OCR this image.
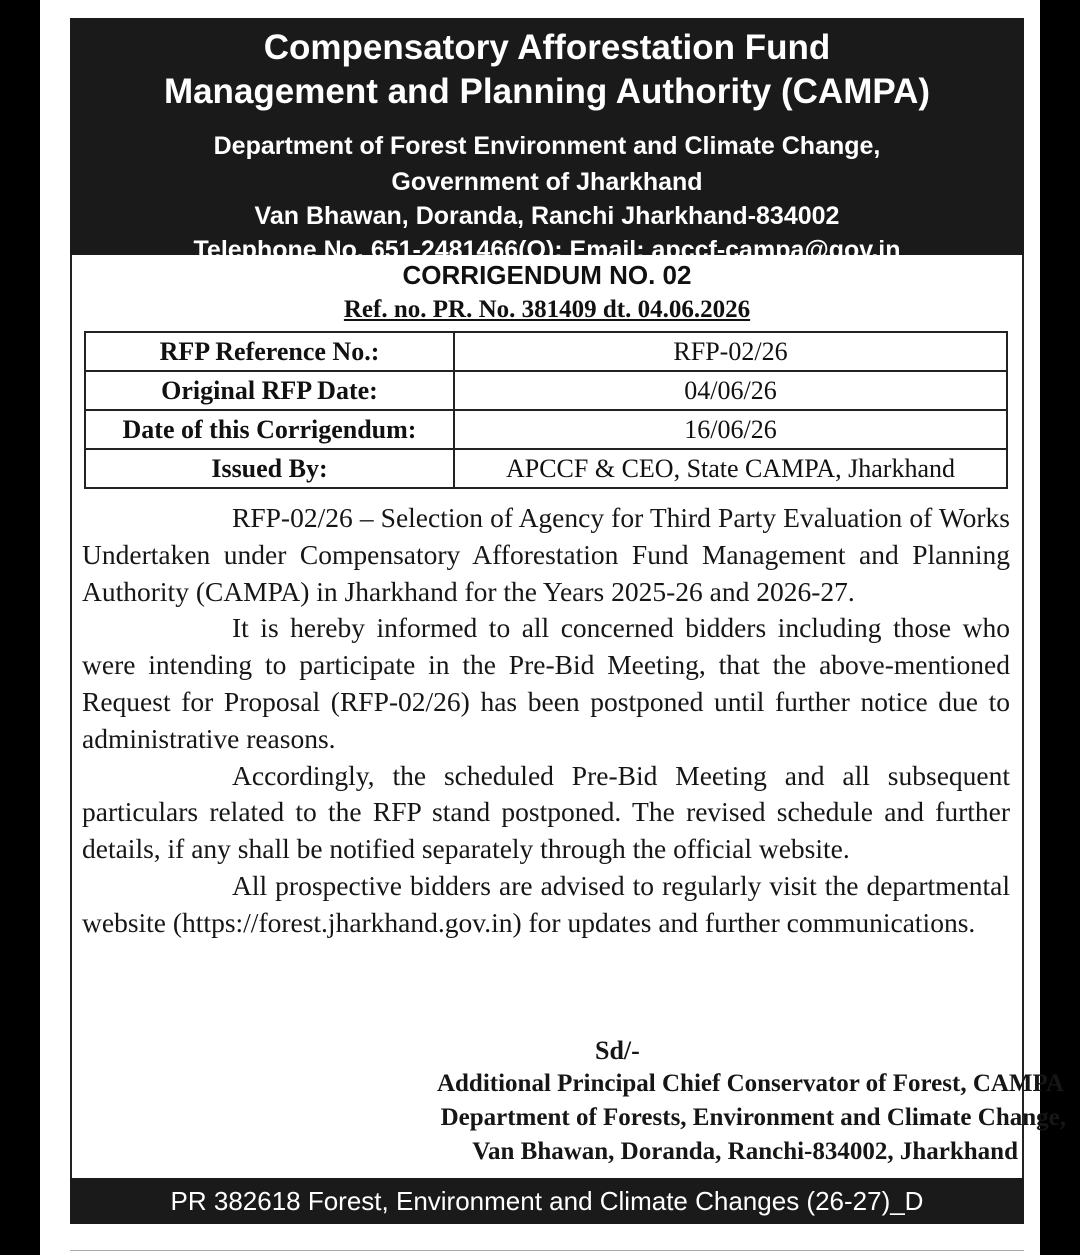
Compensatory Afforestation Fund
Management and Planning Authority (CAMPA)
Department of Forest Environment and Climate Change,
Government of Jharkhand
Van Bhawan, Doranda, Ranchi Jharkhand-834002
Telephone No. 651-2481466(O); Email: apccf-campa@gov.in
CORRIGENDUM NO. 02
Ref. no. PR. No. 381409 dt. 04.06.2026
RFP Reference No.:	RFP-02/26
Original RFP Date:	04/06/26
Date of this Corrigendum:	16/06/26
Issued By:	APCCF & CEO, State CAMPA, Jharkhand

RFP-02/26 – Selection of Agency for Third Party Evaluation of Works Undertaken under Compensatory Afforestation Fund Management and Planning Authority (CAMPA) in Jharkhand for the Years 2025-26 and 2026-27.

It is hereby informed to all concerned bidders including those who were intending to participate in the Pre-Bid Meeting, that the above-mentioned Request for Proposal (RFP-02/26) has been postponed until further notice due to administrative reasons.

Accordingly, the scheduled Pre-Bid Meeting and all subsequent particulars related to the RFP stand postponed. The revised schedule and further details, if any shall be notified separately through the official website.

All prospective bidders are advised to regularly visit the departmental website (https://forest.jharkhand.gov.in) for updates and further communications.

Sd/-
Additional Principal Chief Conservator of Forest, CAMPA
Department of Forests, Environment and Climate Change,
Van Bhawan, Doranda, Ranchi-834002, Jharkhand
PR 382618 Forest, Environment and Climate Changes (26-27)_D
